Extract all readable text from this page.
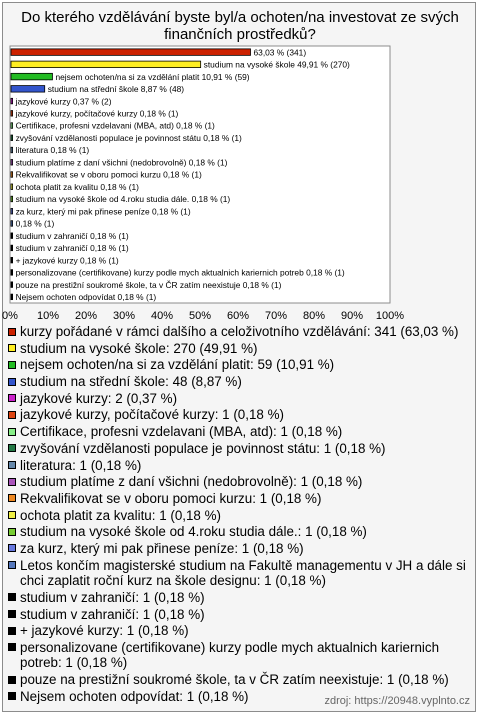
Do kterého vzdělávání byste byl/a ochoten/na investovat ze svých finančních prostředků?
63,03 % (341)
studium na vysoké škole 49,91 % (270)
nejsem ochoten/na si za vzdělání platit 10,91 % (59)
studium na střední škole 8,87 % (48)
jazykové kurzy 0,37 % (2)
jazykové kurzy, počítačové kurzy 0,18 % (1)
Certifikace, profesni vzdelavani (MBA, atd) 0,18 % (1)
zvyšování vzdělanosti populace je povinnost státu 0,18 % (1)
literatura 0,18 % (1)
studium platíme z daní všichni (nedobrovolně) 0,18 % (1)
Rekvalifikovat se v oboru pomoci kurzu 0,18 % (1)
ochota platit za kvalitu 0,18 % (1)
studium na vysoké škole od 4.roku studia dále. 0,18 % (1)
za kurz, který mi pak přinese peníze 0,18 % (1)
0,18 % (1)
studium v zahraničí 0,18 % (1)
studium v zahraničí 0,18 % (1)
+ jazykové kurzy 0,18 % (1)
personalizovane (certifikovane) kurzy podle mych aktualnich kariernich potreb 0,18 % (1)
pouze na prestižní soukromé škole, ta v ČR zatím neexistuje 0,18 % (1)
Nejsem ochoten odpovídat 0,18 % (1)
0% 10% 20% 30% 40% 50% 60% 70% 80% 90% 100%
kurzy pořádané v rámci dalšího a celoživotního vzdělávání: 341 (63,03 %)
studium na vysoké škole: 270 (49,91 %)
nejsem ochoten/na si za vzdělání platit: 59 (10,91 %)
studium na střední škole: 48 (8,87 %)
jazykové kurzy: 2 (0,37 %)
jazykové kurzy, počítačové kurzy: 1 (0,18 %)
Certifikace, profesni vzdelavani (MBA, atd): 1 (0,18 %)
zvyšování vzdělanosti populace je povinnost státu: 1 (0,18 %)
literatura: 1 (0,18 %)
studium platíme z daní všichni (nedobrovolně): 1 (0,18 %)
Rekvalifikovat se v oboru pomoci kurzu: 1 (0,18 %)
ochota platit za kvalitu: 1 (0,18 %)
studium na vysoké škole od 4.roku studia dále.: 1 (0,18 %)
za kurz, který mi pak přinese peníze: 1 (0,18 %)
Letos končím magisterské studium na Fakultě managementu v JH a dále si chci zaplatit roční kurz na škole designu: 1 (0,18 %)
studium v zahraničí: 1 (0,18 %)
studium v zahraničí: 1 (0,18 %)
+ jazykové kurzy: 1 (0,18 %)
personalizovane (certifikovane) kurzy podle mych aktualnich kariernich potreb: 1 (0,18 %)
pouze na prestižní soukromé škole, ta v ČR zatím neexistuje: 1 (0,18 %)
Nejsem ochoten odpovídat: 1 (0,18 %)	zdroj: https://20948.vyplnto.cz
